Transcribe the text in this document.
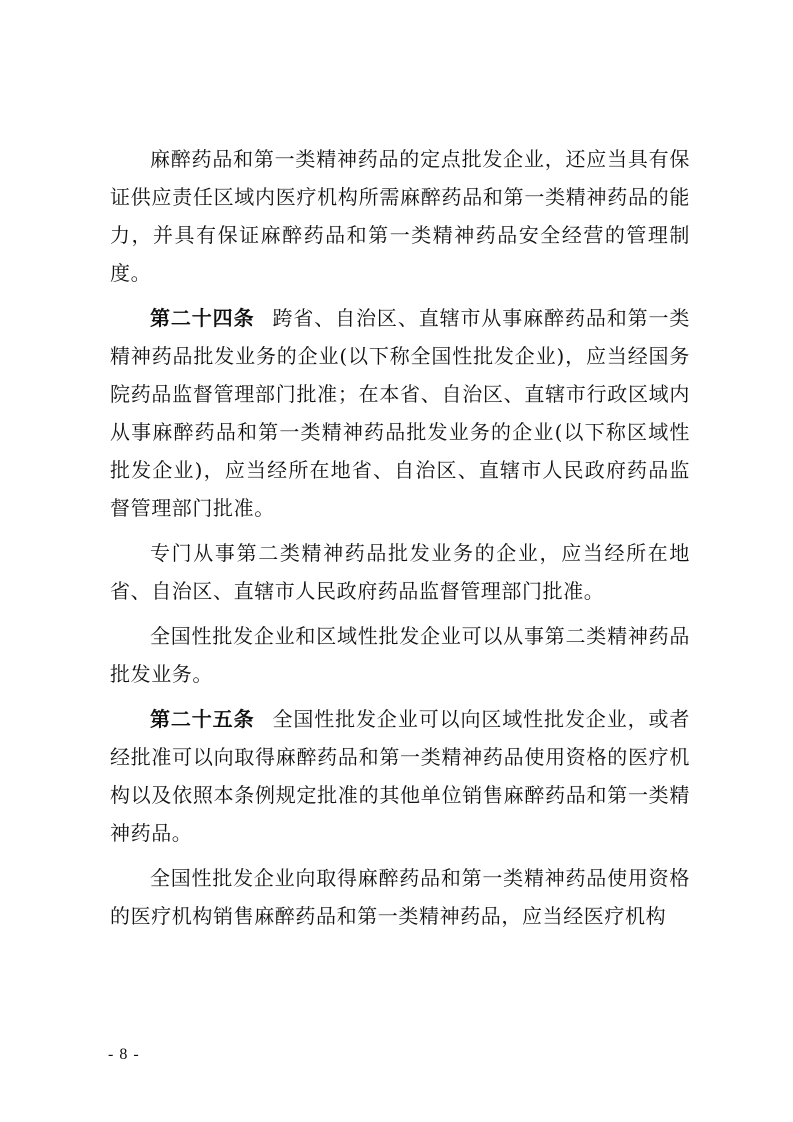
麻醉药品和第一类精神药品的定点批发企业，还应当具有保证供应责任区域内医疗机构所需麻醉药品和第一类精神药品的能力，并具有保证麻醉药品和第一类精神药品安全经营的管理制度。

第二十四条 跨省、自治区、直辖市从事麻醉药品和第一类精神药品批发业务的企业(以下称全国性批发企业)，应当经国务院药品监督管理部门批准；在本省、自治区、直辖市行政区域内从事麻醉药品和第一类精神药品批发业务的企业(以下称区域性批发企业)，应当经所在地省、自治区、直辖市人民政府药品监督管理部门批准。

专门从事第二类精神药品批发业务的企业，应当经所在地省、自治区、直辖市人民政府药品监督管理部门批准。

全国性批发企业和区域性批发企业可以从事第二类精神药品批发业务。

第二十五条 全国性批发企业可以向区域性批发企业，或者经批准可以向取得麻醉药品和第一类精神药品使用资格的医疗机构以及依照本条例规定批准的其他单位销售麻醉药品和第一类精神药品。

全国性批发企业向取得麻醉药品和第一类精神药品使用资格的医疗机构销售麻醉药品和第一类精神药品，应当经医疗机构

- 8 -
